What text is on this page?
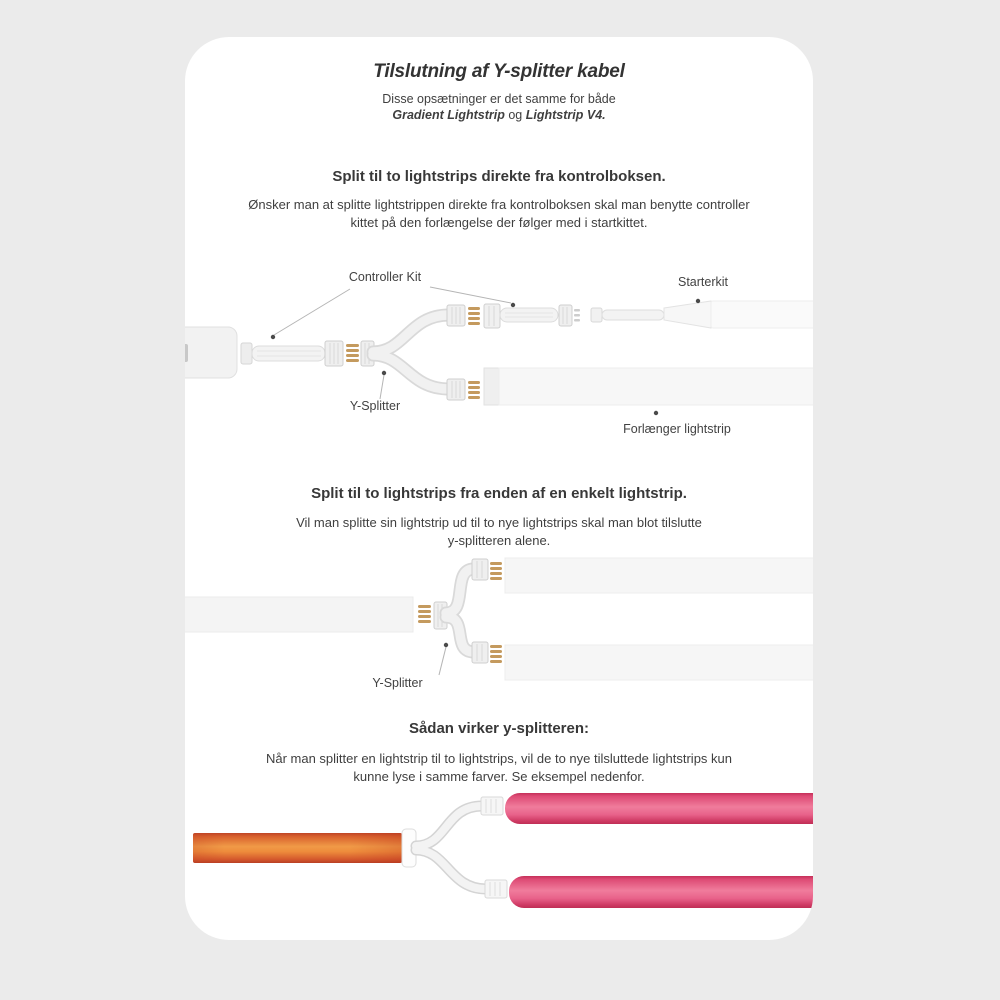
Tilslutning af Y-splitter kabel
Disse opsætninger er det samme for både
Gradient Lightstrip og Lightstrip V4.
Split til to lightstrips direkte fra kontrolboksen.
Ønsker man at splitte lightstrippen direkte fra kontrolboksen skal man benytte controller
kittet på den forlængelse der følger med i startkittet.
Controller Kit	Starterkit
Y-Splitter
Forlænger lightstrip
Split til to lightstrips fra enden af en enkelt lightstrip.
Vil man splitte sin lightstrip ud til to nye lightstrips skal man blot tilslutte
y-splitteren alene.
Y-Splitter
Sådan virker y-splitteren:
Når man splitter en lightstrip til to lightstrips, vil de to nye tilsluttede lightstrips kun
kunne lyse i samme farver. Se eksempel nedenfor.
